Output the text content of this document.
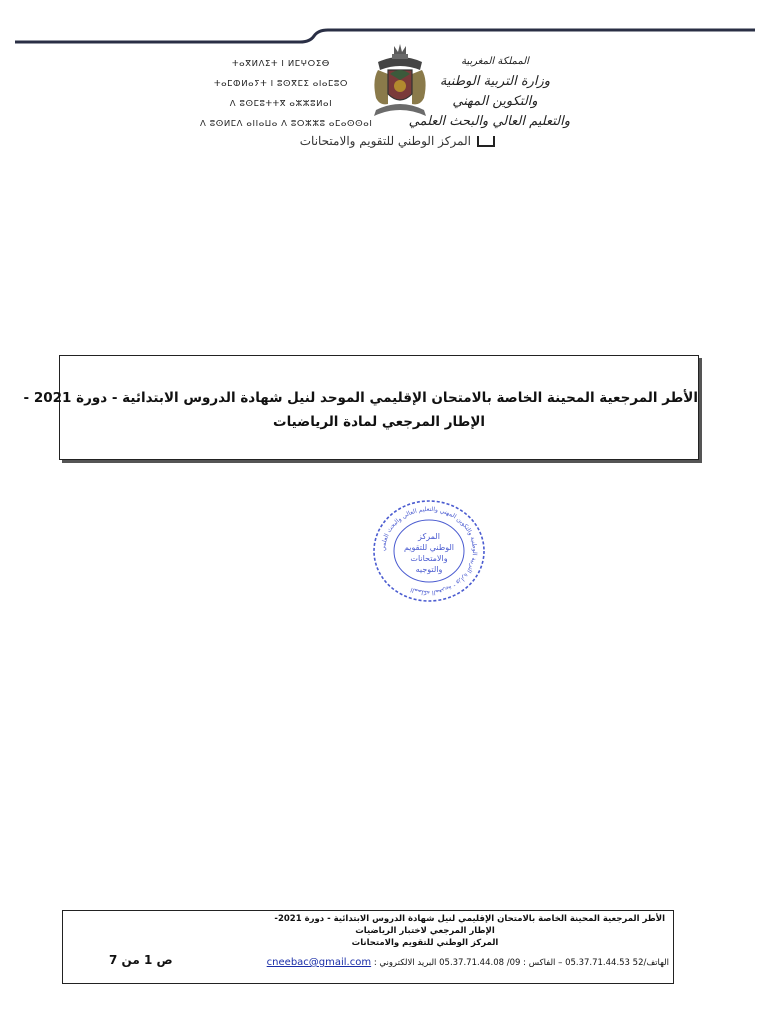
ⵜⴰⴳⵍⴷⵉⵜ ⵏ ⵍⵎⵖⵔⵉⴱ
ⵜⴰⵎⵀⵍⴰⵢⵜ ⵏ ⵓⵙⴳⵎⵉ ⴰⵏⴰⵎⵓⵔ
ⴷ ⵓⵙⵎⵓⵜⵜⴳ ⴰⵣⵣⵓⵍⴰⵏ
ⴷ ⵓⵙⵍⵎⴷ ⴰⵏⵏⴰⵡⴰ ⴷ ⵓⵔⵣⵣⵓ ⴰⵎⴰⵙⵙⴰⵏ
المملكة المغربية
وزارة التربية الوطنية
والتكوين المهني
والتعليم العالي والبحث العلمي
المركز الوطني للتقويم والامتحانات
الأطر المرجعية المحينة الخاصة بالامتحان الإقليمي الموحد لنيل شهادة الدروس الابتدائية - دورة 2021 -
الإطار المرجعي لمادة الرياضيات
المملكة المغربية - وزارة التربية الوطنية والتكوين المهني والتعليم العالي والبحث العلمي
المركز
الوطني للتقويم
والامتحانات
والتوجيه
الأطر المرجعية المحينة الخاصة بالامتحان الإقليمي لنيل شهادة الدروس الابتدائية - دورة 2021-
الإطار المرجعي لاختبار الرياضيات
المركز الوطني للتقويم والامتحانات
الهاتف/52 05.37.71.44.53 – الفاكس : 09/ 05.37.71.44.08 البريد الالكتروني : cneebac@gmail.com
ص 1 من 7
